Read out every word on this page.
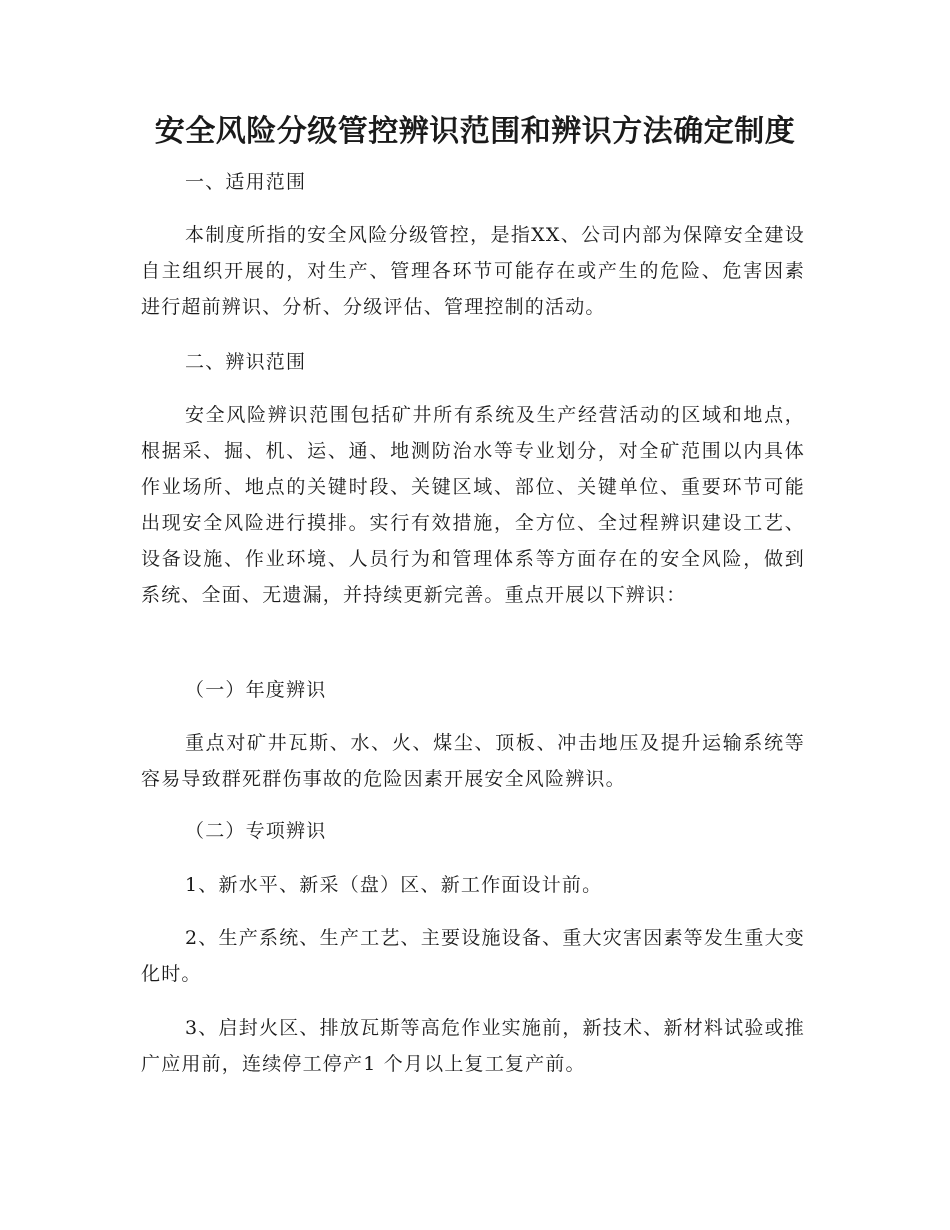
安全风险分级管控辨识范围和辨识方法确定制度

一、适用范围

本制度所指的安全风险分级管控，是指XX、公司内部为保障安全建设自主组织开展的，对生产、管理各环节可能存在或产生的危险、危害因素进行超前辨识、分析、分级评估、管理控制的活动。

二、辨识范围

安全风险辨识范围包括矿井所有系统及生产经营活动的区域和地点，根据采、掘、机、运、通、地测防治水等专业划分，对全矿范围以内具体作业场所、地点的关键时段、关键区域、部位、关键单位、重要环节可能出现安全风险进行摸排。实行有效措施，全方位、全过程辨识建设工艺、设备设施、作业环境、人员行为和管理体系等方面存在的安全风险，做到系统、全面、无遗漏，并持续更新完善。重点开展以下辨识：

（一）年度辨识

重点对矿井瓦斯、水、火、煤尘、顶板、冲击地压及提升运输系统等容易导致群死群伤事故的危险因素开展安全风险辨识。

（二）专项辨识

1、新水平、新采（盘）区、新工作面设计前。

2、生产系统、生产工艺、主要设施设备、重大灾害因素等发生重大变化时。

3、启封火区、排放瓦斯等高危作业实施前，新技术、新材料试验或推广应用前，连续停工停产1 个月以上复工复产前。
